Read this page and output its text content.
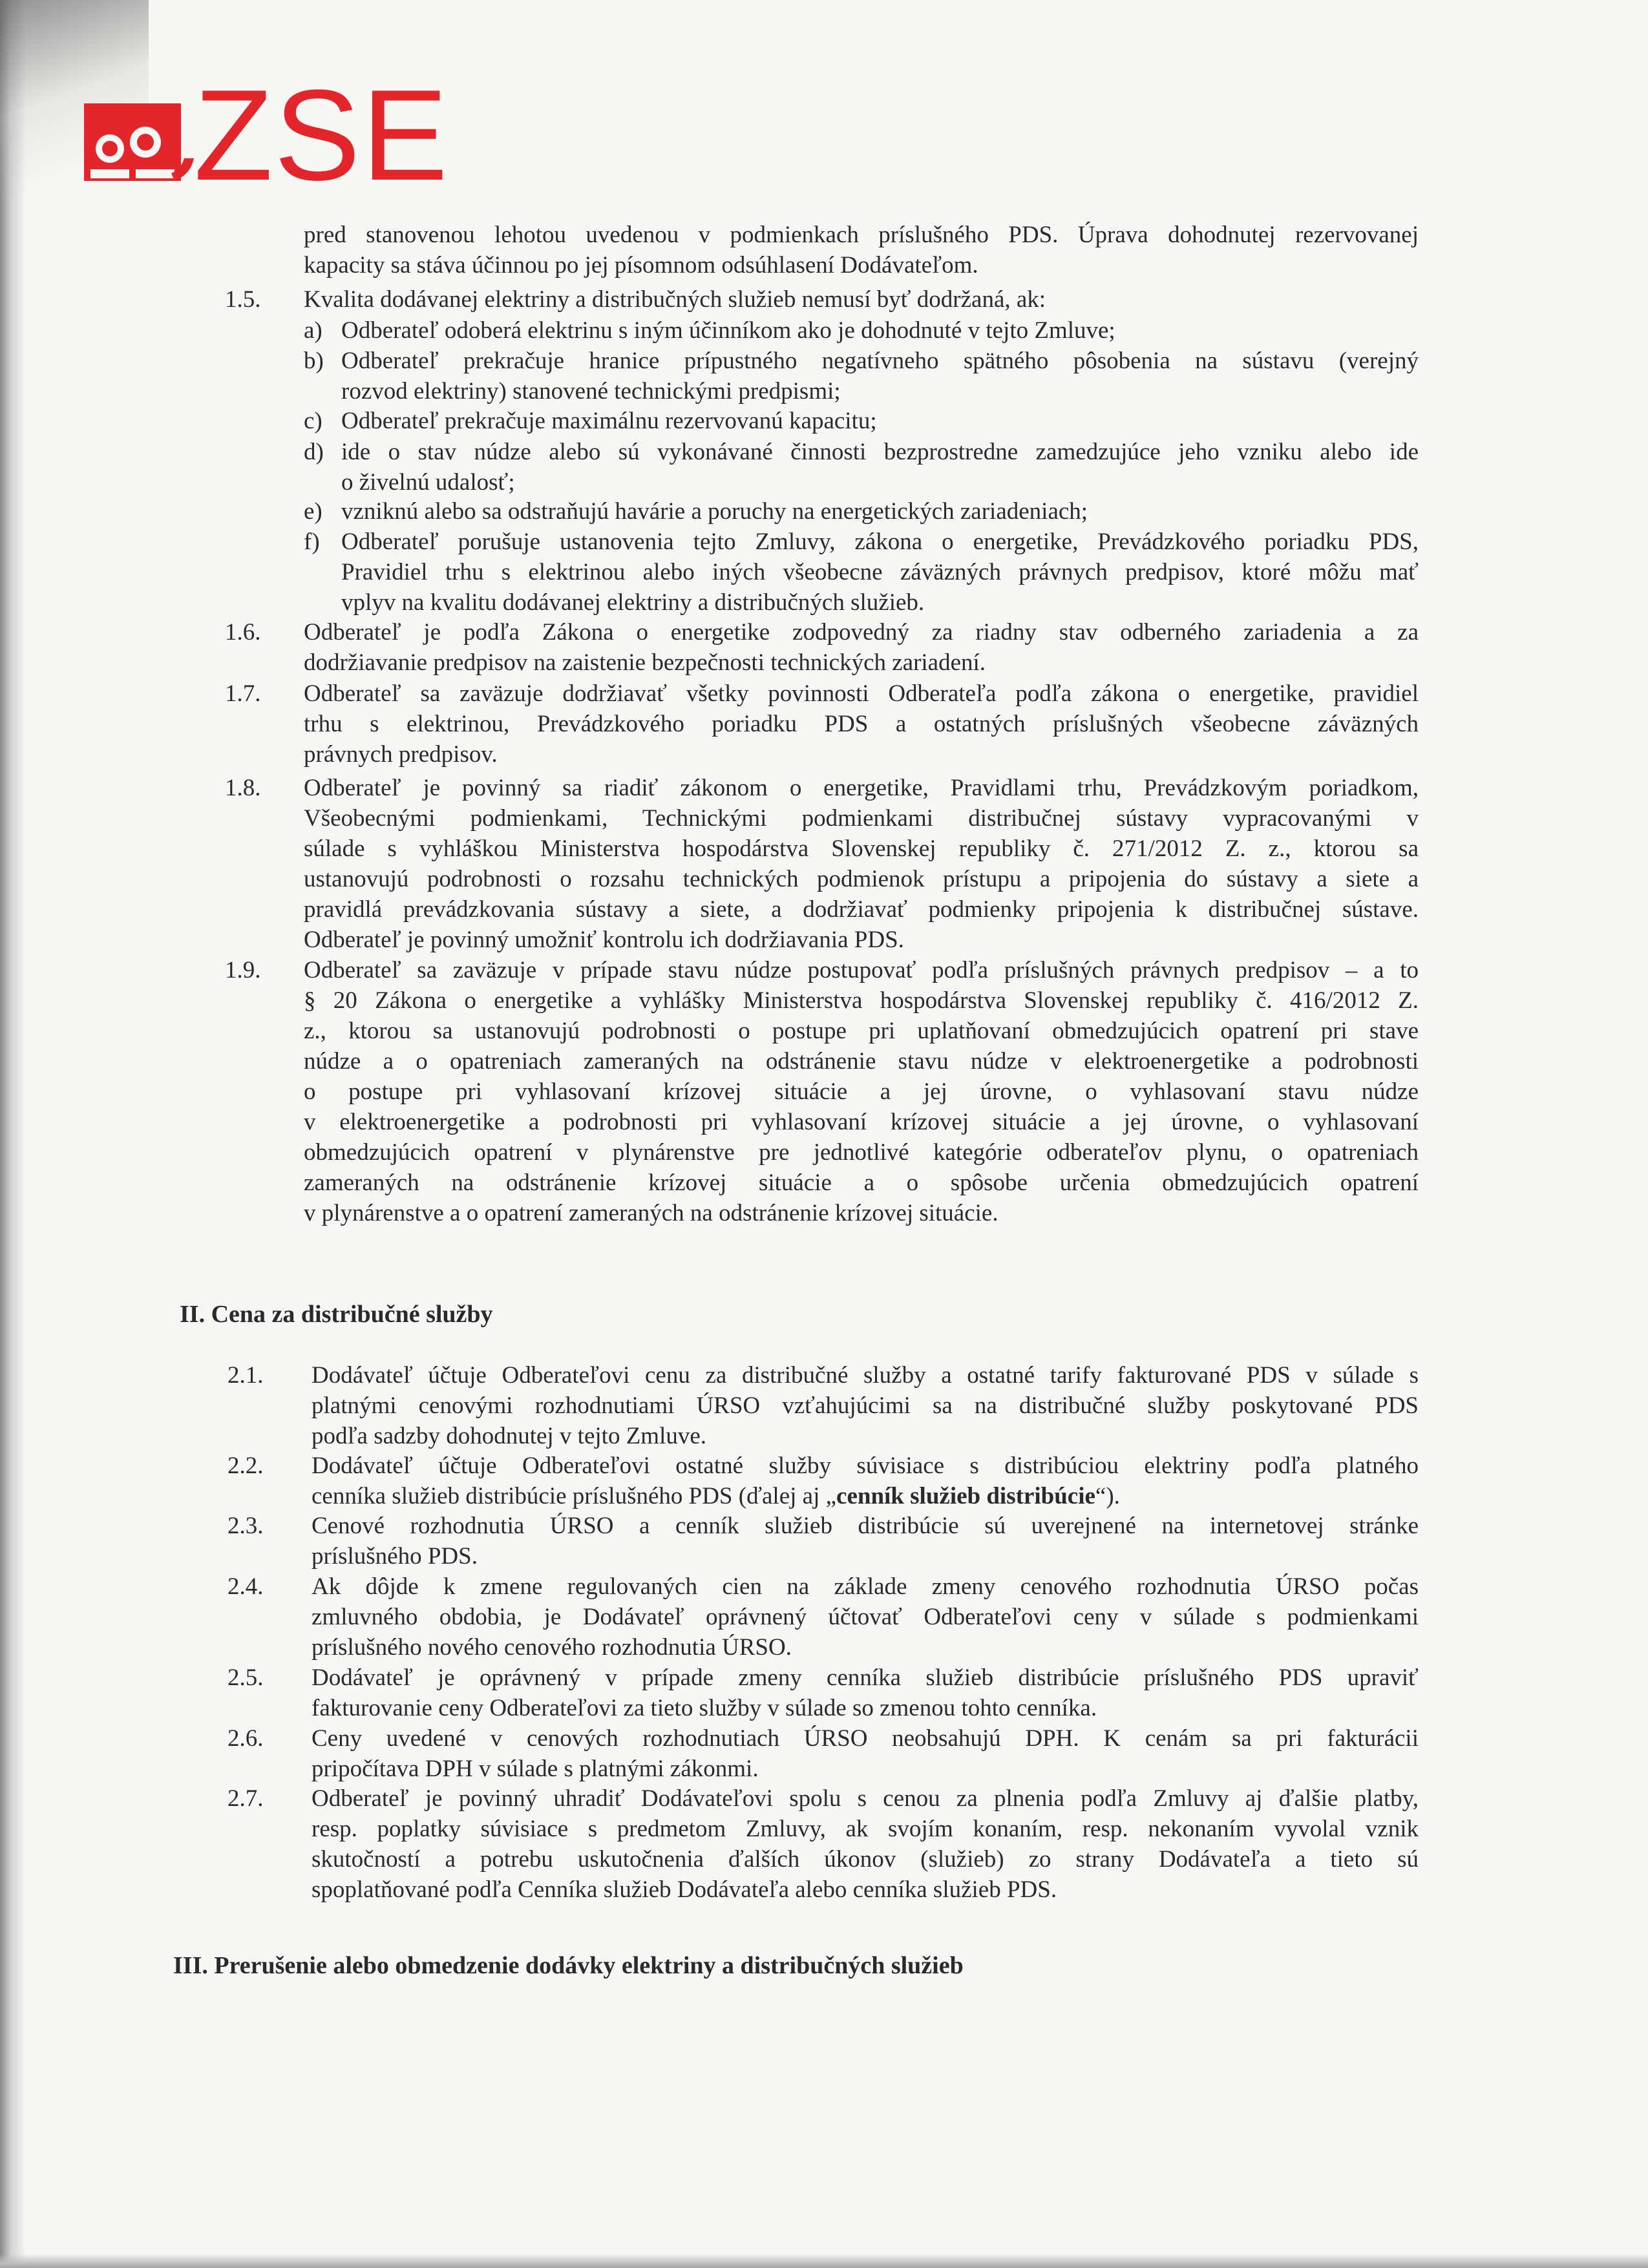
ZSE
pred stanovenou lehotou uvedenou v podmienkach príslušného PDS. Úprava dohodnutej rezervovanej
kapacity sa stáva účinnou po jej písomnom odsúhlasení Dodávateľom.
1.5. Kvalita dodávanej elektriny a distribučných služieb nemusí byť dodržaná, ak:
a) Odberateľ odoberá elektrinu s iným účinníkom ako je dohodnuté v tejto Zmluve;
b) Odberateľ prekračuje hranice prípustného negatívneho spätného pôsobenia na sústavu (verejný
rozvod elektriny) stanovené technickými predpismi;
c) Odberateľ prekračuje maximálnu rezervovanú kapacitu;
d) ide o stav núdze alebo sú vykonávané činnosti bezprostredne zamedzujúce jeho vzniku alebo ide
o živelnú udalosť;
e) vzniknú alebo sa odstraňujú havárie a poruchy na energetických zariadeniach;
f) Odberateľ porušuje ustanovenia tejto Zmluvy, zákona o energetike, Prevádzkového poriadku PDS,
Pravidiel trhu s elektrinou alebo iných všeobecne záväzných právnych predpisov, ktoré môžu mať
vplyv na kvalitu dodávanej elektriny a distribučných služieb.
1.6. Odberateľ je podľa Zákona o energetike zodpovedný za riadny stav odberného zariadenia a za
dodržiavanie predpisov na zaistenie bezpečnosti technických zariadení.
1.7. Odberateľ sa zaväzuje dodržiavať všetky povinnosti Odberateľa podľa zákona o energetike, pravidiel
trhu s elektrinou, Prevádzkového poriadku PDS a ostatných príslušných všeobecne záväzných
právnych predpisov.
1.8. Odberateľ je povinný sa riadiť zákonom o energetike, Pravidlami trhu, Prevádzkovým poriadkom,
Všeobecnými podmienkami, Technickými podmienkami distribučnej sústavy vypracovanými v
súlade s vyhláškou Ministerstva hospodárstva Slovenskej republiky č. 271/2012 Z. z., ktorou sa
ustanovujú podrobnosti o rozsahu technických podmienok prístupu a pripojenia do sústavy a siete a
pravidlá prevádzkovania sústavy a siete, a dodržiavať podmienky pripojenia k distribučnej sústave.
Odberateľ je povinný umožniť kontrolu ich dodržiavania PDS.
1.9. Odberateľ sa zaväzuje v prípade stavu núdze postupovať podľa príslušných právnych predpisov – a to
§ 20 Zákona o energetike a vyhlášky Ministerstva hospodárstva Slovenskej republiky č. 416/2012 Z.
z., ktorou sa ustanovujú podrobnosti o postupe pri uplatňovaní obmedzujúcich opatrení pri stave
núdze a o opatreniach zameraných na odstránenie stavu núdze v elektroenergetike a podrobnosti
o postupe pri vyhlasovaní krízovej situácie a jej úrovne, o vyhlasovaní stavu núdze
v elektroenergetike a podrobnosti pri vyhlasovaní krízovej situácie a jej úrovne, o vyhlasovaní
obmedzujúcich opatrení v plynárenstve pre jednotlivé kategórie odberateľov plynu, o opatreniach
zameraných na odstránenie krízovej situácie a o spôsobe určenia obmedzujúcich opatrení
v plynárenstve a o opatrení zameraných na odstránenie krízovej situácie.
II. Cena za distribučné služby
2.1. Dodávateľ účtuje Odberateľovi cenu za distribučné služby a ostatné tarify fakturované PDS v súlade s
platnými cenovými rozhodnutiami ÚRSO vzťahujúcimi sa na distribučné služby poskytované PDS
podľa sadzby dohodnutej v tejto Zmluve.
2.2. Dodávateľ účtuje Odberateľovi ostatné služby súvisiace s distribúciou elektriny podľa platného
cenníka služieb distribúcie príslušného PDS (ďalej aj „cenník služieb distribúcie“).
2.3. Cenové rozhodnutia ÚRSO a cenník služieb distribúcie sú uverejnené na internetovej stránke
príslušného PDS.
2.4. Ak dôjde k zmene regulovaných cien na základe zmeny cenového rozhodnutia ÚRSO počas
zmluvného obdobia, je Dodávateľ oprávnený účtovať Odberateľovi ceny v súlade s podmienkami
príslušného nového cenového rozhodnutia ÚRSO.
2.5. Dodávateľ je oprávnený v prípade zmeny cenníka služieb distribúcie príslušného PDS upraviť
fakturovanie ceny Odberateľovi za tieto služby v súlade so zmenou tohto cenníka.
2.6. Ceny uvedené v cenových rozhodnutiach ÚRSO neobsahujú DPH. K cenám sa pri fakturácii
pripočítava DPH v súlade s platnými zákonmi.
2.7. Odberateľ je povinný uhradiť Dodávateľovi spolu s cenou za plnenia podľa Zmluvy aj ďalšie platby,
resp. poplatky súvisiace s predmetom Zmluvy, ak svojím konaním, resp. nekonaním vyvolal vznik
skutočností a potrebu uskutočnenia ďalších úkonov (služieb) zo strany Dodávateľa a tieto sú
spoplatňované podľa Cenníka služieb Dodávateľa alebo cenníka služieb PDS.
III. Prerušenie alebo obmedzenie dodávky elektriny a distribučných služieb
